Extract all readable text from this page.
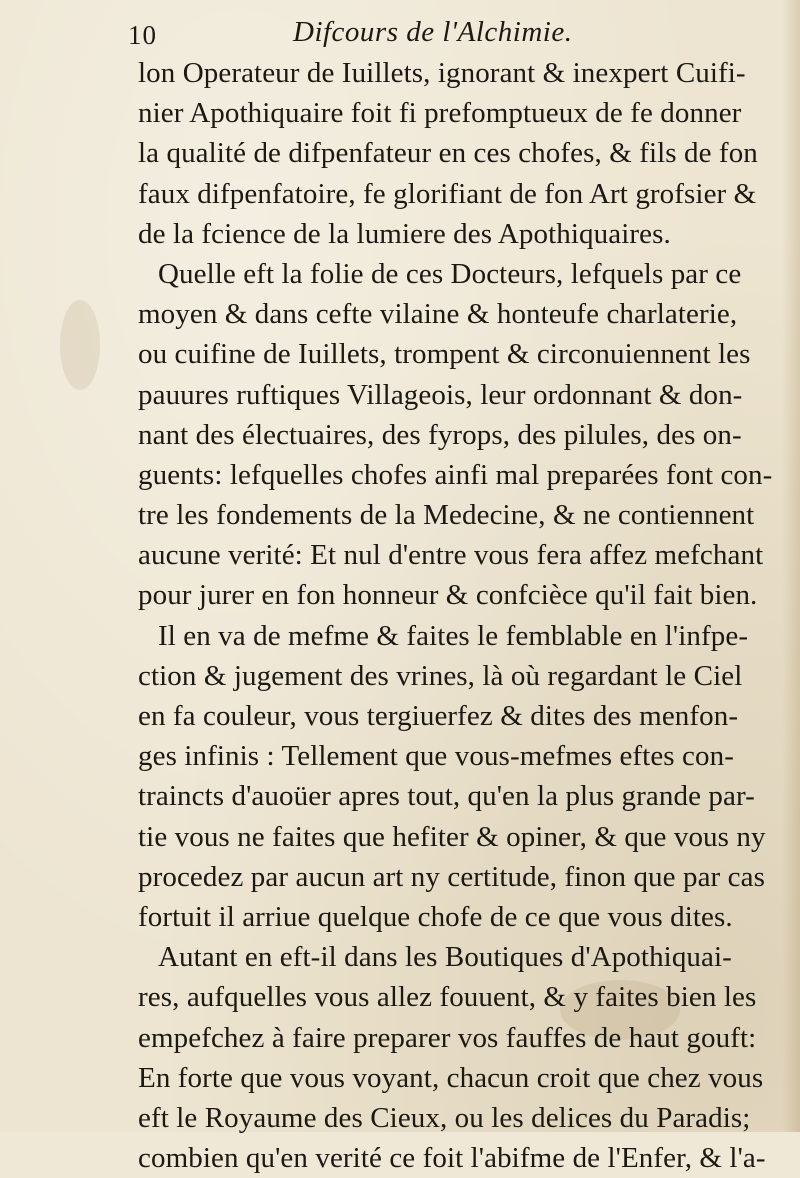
10	Difcours de l'Alchimie.
lon Operateur de Iuillets, ignorant & inexpert Cuifi-
nier Apothiquaire foit fi prefomptueux de fe donner
la qualité de difpenfateur en ces chofes, & fils de fon
faux difpenfatoire, fe glorifiant de fon Art grofsier &
de la fcience de la lumiere des Apothiquaires.
Quelle eft la folie de ces Docteurs, lefquels par ce
moyen & dans cefte vilaine & honteufe charlaterie,
ou cuifine de Iuillets, trompent & circonuiennent les
pauures ruftiques Villageois, leur ordonnant & don-
nant des électuaires, des fyrops, des pilules, des on-
guents: lefquelles chofes ainfi mal preparées font con-
tre les fondements de la Medecine, & ne contiennent
aucune verité: Et nul d'entre vous fera affez mefchant
pour jurer en fon honneur & confcièce qu'il fait bien.
Il en va de mefme & faites le femblable en l'infpe-
ction & jugement des vrines, là où regardant le Ciel
en fa couleur, vous tergiuerfez & dites des menfon-
ges infinis : Tellement que vous-mefmes eftes con-
traincts d'auoüer apres tout, qu'en la plus grande par-
tie vous ne faites que hefiter & opiner, & que vous ny
procedez par aucun art ny certitude, finon que par cas
fortuit il arriue quelque chofe de ce que vous dites.
Autant en eft-il dans les Boutiques d'Apothiquai-
res, aufquelles vous allez fouuent, & y faites bien les
empefchez à faire preparer vos fauffes de haut gouft:
En forte que vous voyant, chacun croit que chez vous
eft le Royaume des Cieux, ou les delices du Paradis;
combien qu'en verité ce foit l'abifme de l'Enfer, & l'a-
